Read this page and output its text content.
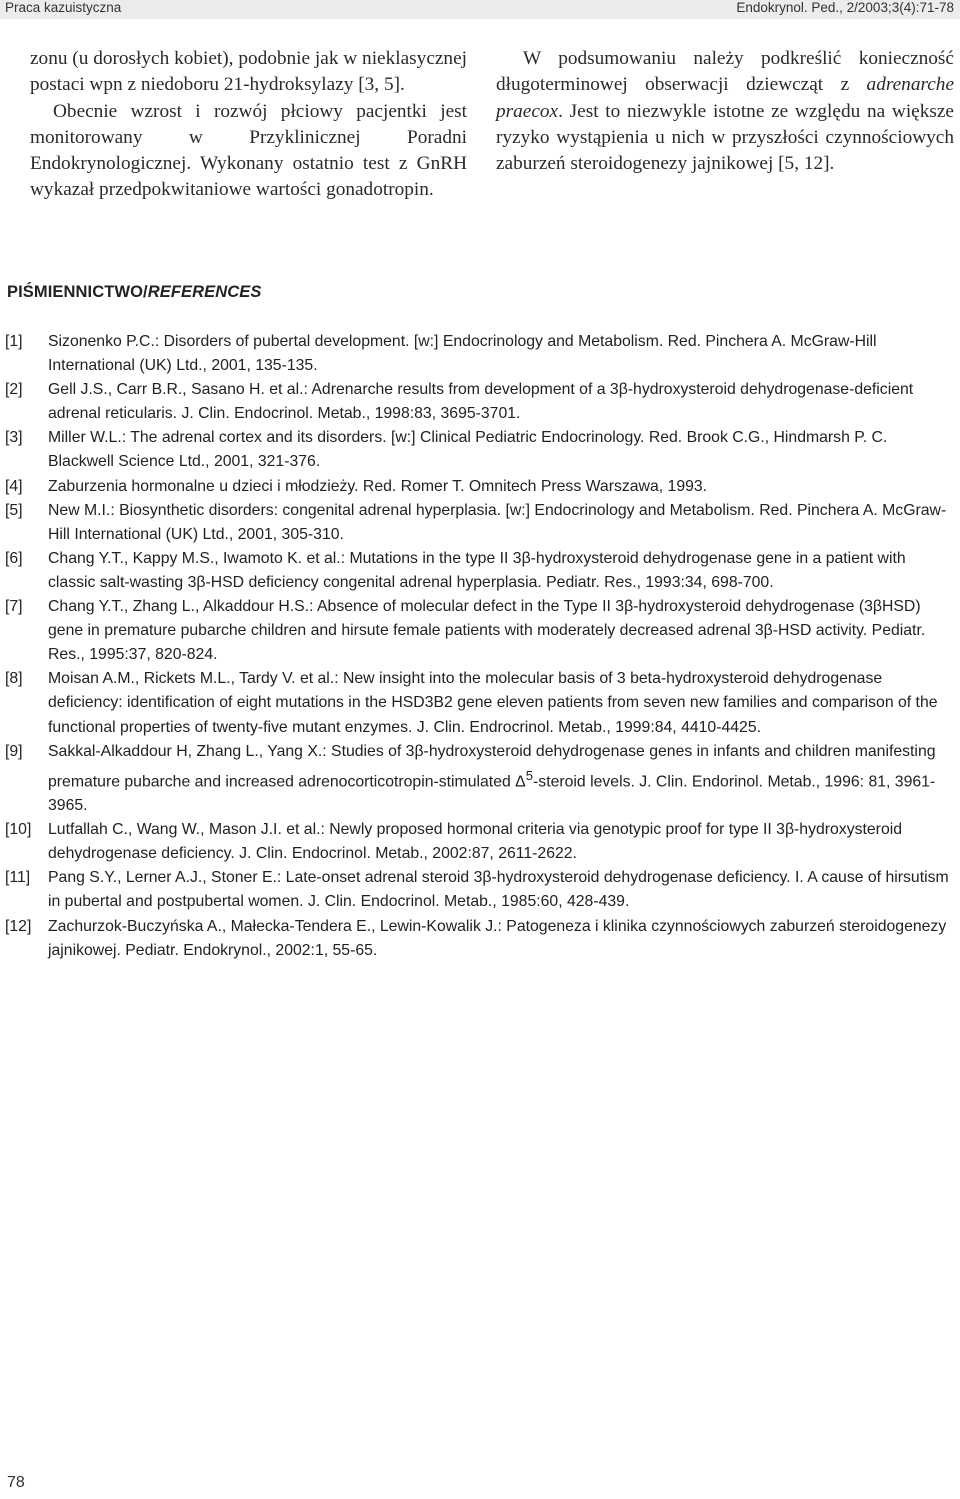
Praca kazuistyczna	Endokrynol. Ped., 2/2003;3(4):71-78

zonu (u dorosłych kobiet), podobnie jak w nieklasycznej postaci wpn z niedoboru 21-hydroksylazy [3, 5].

Obecnie wzrost i rozwój płciowy pacjentki jest monitorowany w Przyklinicznej Poradni Endokrynologicznej. Wykonany ostatnio test z GnRH wykazał przedpokwitaniowe wartości gonadotropin.

W podsumowaniu należy podkreślić konieczność długoterminowej obserwacji dziewcząt z adrenarche praecox. Jest to niezwykle istotne ze względu na większe ryzyko wystąpienia u nich w przyszłości czynnościowych zaburzeń steroidogenezy jajnikowej [5, 12].

PIŚMIENNICTWO/REFERENCES
[1] Sizonenko P.C.: Disorders of pubertal development. [w:] Endocrinology and Metabolism. Red. Pinchera A. McGraw-Hill International (UK) Ltd., 2001, 135-135.
[2] Gell J.S., Carr B.R., Sasano H. et al.: Adrenarche results from development of a 3β-hydroxysteroid dehydrogenase-deficient adrenal reticularis. J. Clin. Endocrinol. Metab., 1998:83, 3695-3701.
[3] Miller W.L.: The adrenal cortex and its disorders. [w:] Clinical Pediatric Endocrinology. Red. Brook C.G., Hindmarsh P. C. Blackwell Science Ltd., 2001, 321-376.
[4] Zaburzenia hormonalne u dzieci i młodzieży. Red. Romer T. Omnitech Press Warszawa, 1993.
[5] New M.I.: Biosynthetic disorders: congenital adrenal hyperplasia. [w:] Endocrinology and Metabolism. Red. Pinchera A. McGraw-Hill International (UK) Ltd., 2001, 305-310.
[6] Chang Y.T., Kappy M.S., Iwamoto K. et al.: Mutations in the type II 3β-hydroxysteroid dehydrogenase gene in a patient with classic salt-wasting 3β-HSD deficiency congenital adrenal hyperplasia. Pediatr. Res., 1993:34, 698-700.
[7] Chang Y.T., Zhang L., Alkaddour H.S.: Absence of molecular defect in the Type II 3β-hydroxysteroid dehydrogenase (3βHSD) gene in premature pubarche children and hirsute female patients with moderately decreased adrenal 3β-HSD activity. Pediatr. Res., 1995:37, 820-824.
[8] Moisan A.M., Rickets M.L., Tardy V. et al.: New insight into the molecular basis of 3 beta-hydroxysteroid dehydrogenase deficiency: identification of eight mutations in the HSD3B2 gene eleven patients from seven new families and comparison of the functional properties of twenty-five mutant enzymes. J. Clin. Endrocrinol. Metab., 1999:84, 4410-4425.
[9] Sakkal-Alkaddour H, Zhang L., Yang X.: Studies of 3β-hydroxysteroid dehydrogenase genes in infants and children manifesting premature pubarche and increased adrenocorticotropin-stimulated $\Delta^5$-steroid levels. J. Clin. Endorinol. Metab., 1996: 81, 3961-3965.
[10] Lutfallah C., Wang W., Mason J.I. et al.: Newly proposed hormonal criteria via genotypic proof for type II 3β-hydroxysteroid dehydrogenase deficiency. J. Clin. Endocrinol. Metab., 2002:87, 2611-2622.
[11] Pang S.Y., Lerner A.J., Stoner E.: Late-onset adrenal steroid 3β-hydroxysteroid dehydrogenase deficiency. I. A cause of hirsutism in pubertal and postpubertal women. J. Clin. Endocrinol. Metab., 1985:60, 428-439.
[12] Zachurzok-Buczyńska A., Małecka-Tendera E., Lewin-Kowalik J.: Patogeneza i klinika czynnościowych zaburzeń steroidogenezy jajnikowej. Pediatr. Endokrynol., 2002:1, 55-65.
78
